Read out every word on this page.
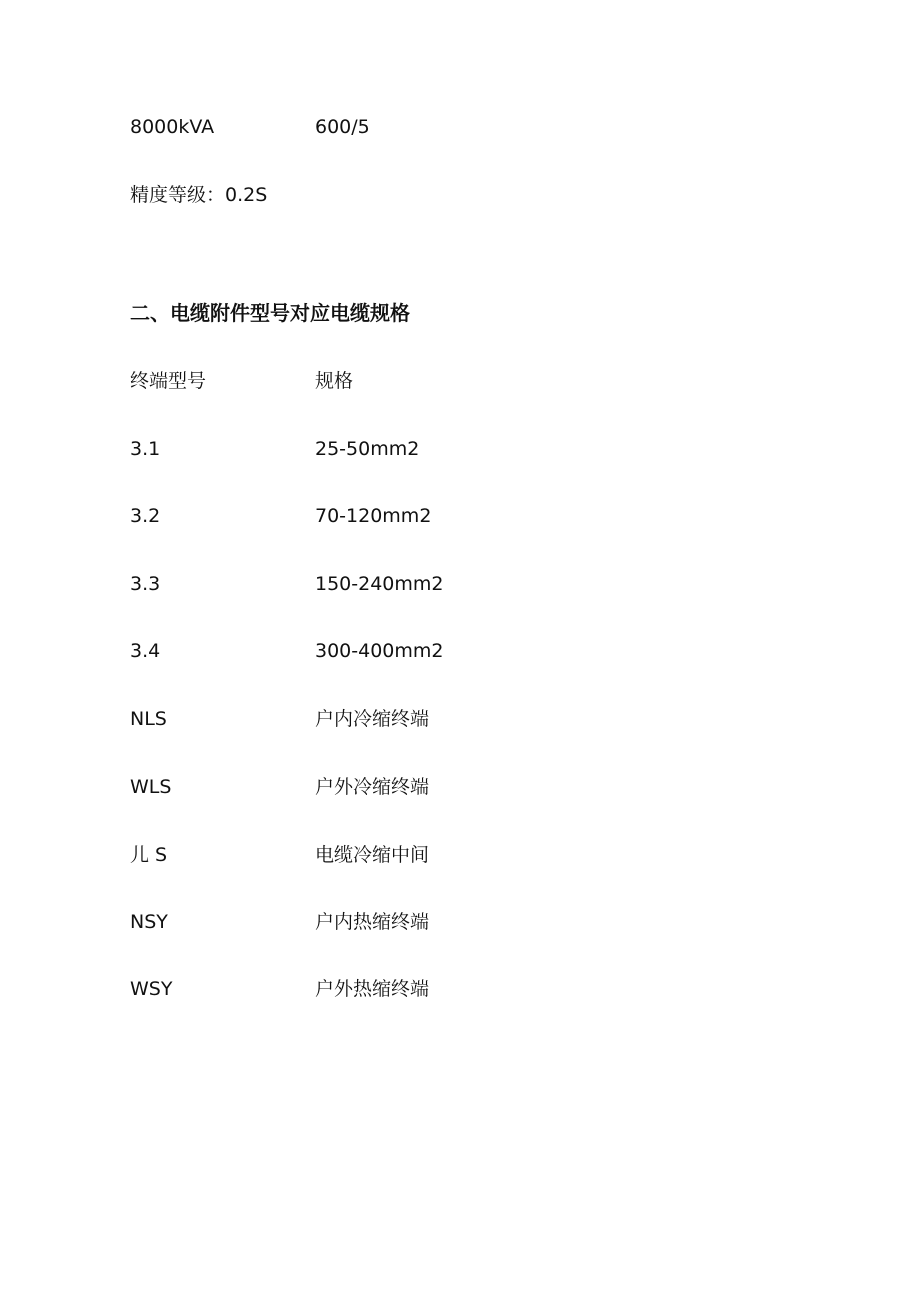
8000kVA	600/5
精度等级：0.2S
二、电缆附件型号对应电缆规格
终端型号	规格
3.1	25-50mm2
3.2	70-120mm2
3.3	150-240mm2
3.4	300-400mm2
NLS	户内冷缩终端
WLS	户外冷缩终端
儿 S	电缆冷缩中间
NSY	户内热缩终端
WSY	户外热缩终端
